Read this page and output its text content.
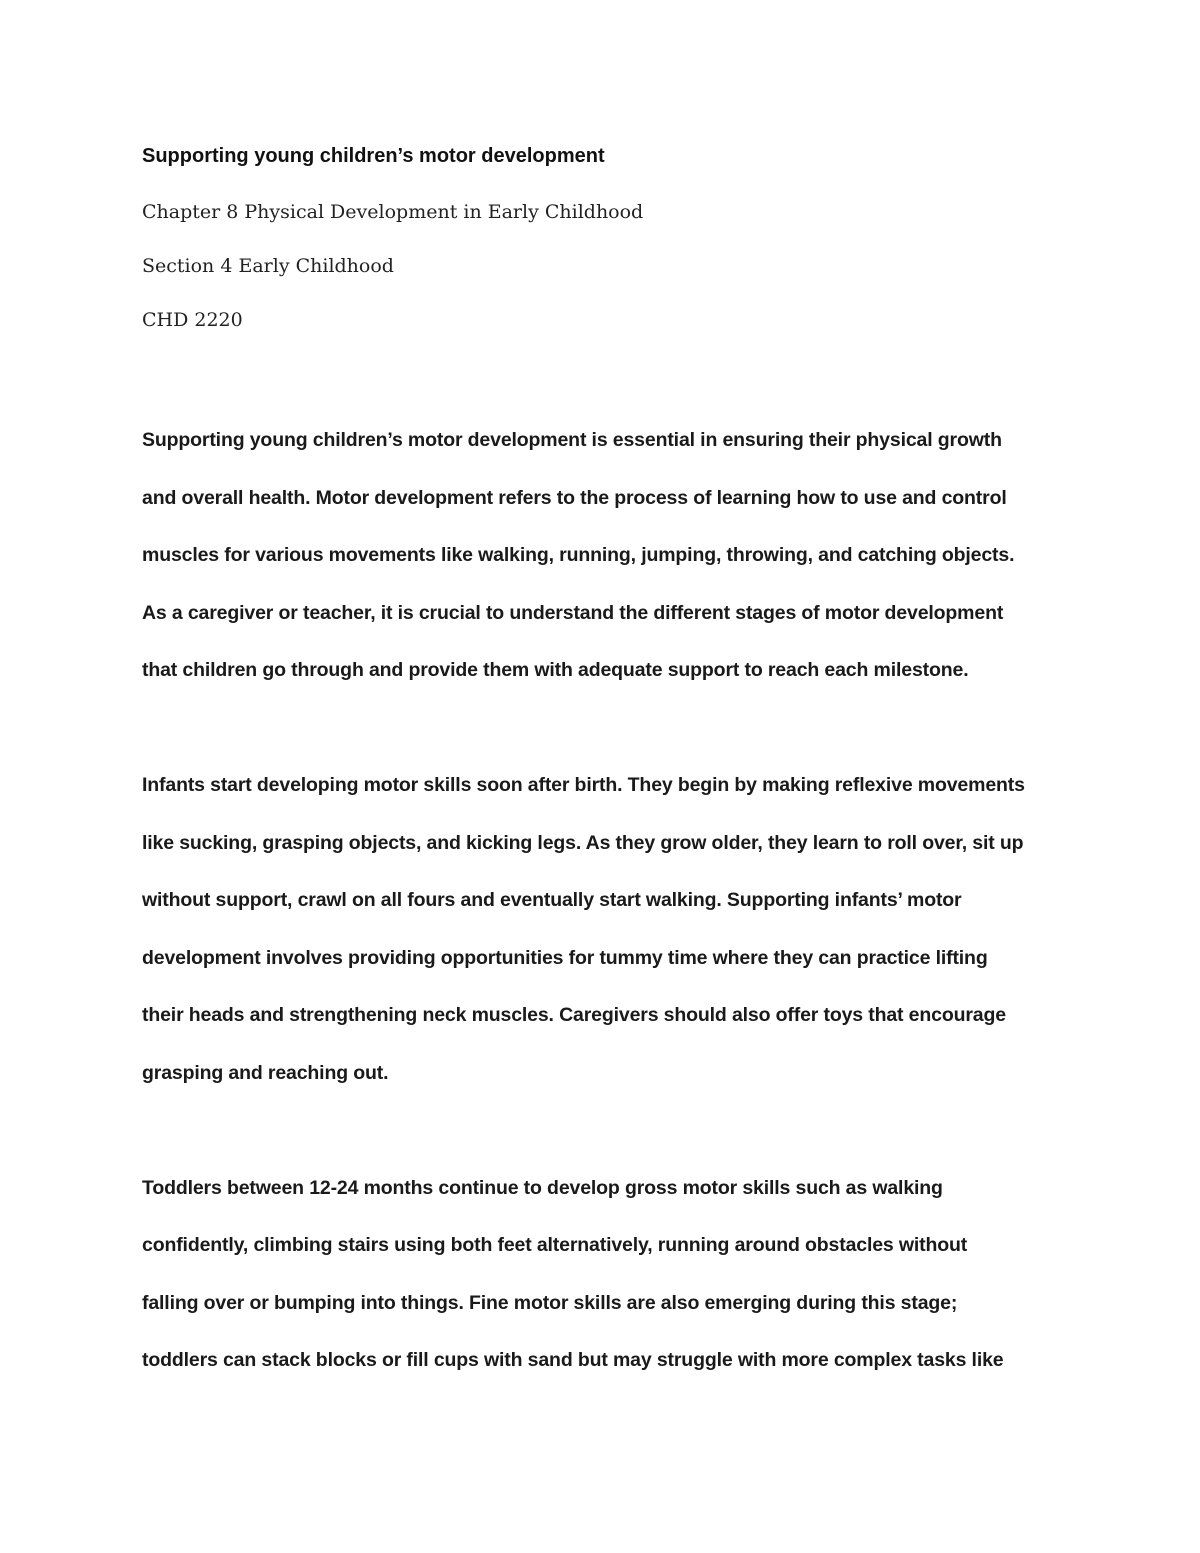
Supporting young children’s motor development
Chapter 8 Physical Development in Early Childhood
Section 4 Early Childhood
CHD 2220
Supporting young children’s motor development is essential in ensuring their physical growth
and overall health. Motor development refers to the process of learning how to use and control
muscles for various movements like walking, running, jumping, throwing, and catching objects.
As a caregiver or teacher, it is crucial to understand the different stages of motor development
that children go through and provide them with adequate support to reach each milestone.
Infants start developing motor skills soon after birth. They begin by making reflexive movements
like sucking, grasping objects, and kicking legs. As they grow older, they learn to roll over, sit up
without support, crawl on all fours and eventually start walking. Supporting infants’ motor
development involves providing opportunities for tummy time where they can practice lifting
their heads and strengthening neck muscles. Caregivers should also offer toys that encourage
grasping and reaching out.
Toddlers between 12-24 months continue to develop gross motor skills such as walking
confidently, climbing stairs using both feet alternatively, running around obstacles without
falling over or bumping into things. Fine motor skills are also emerging during this stage;
toddlers can stack blocks or fill cups with sand but may struggle with more complex tasks like
